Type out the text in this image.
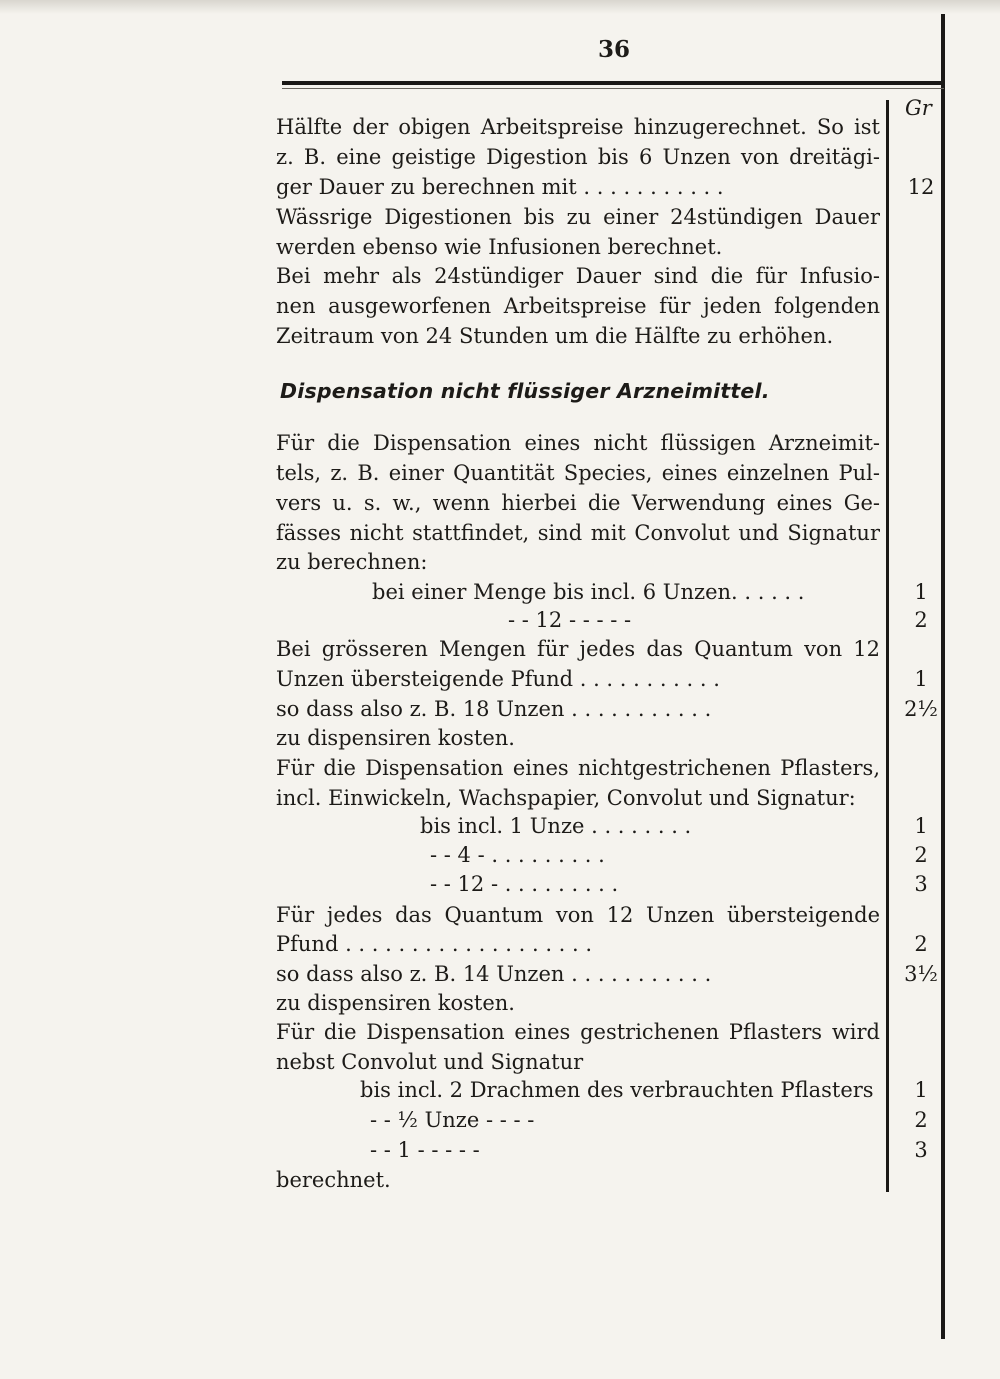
36
Gr
Hälfte der obigen Arbeitspreise hinzugerechnet. So ist
z. B. eine geistige Digestion bis 6 Unzen von dreitägi-
ger Dauer zu berechnen mit . . . . . . . . . . .
Wässrige Digestionen bis zu einer 24stündigen Dauer
werden ebenso wie Infusionen berechnet.
Bei mehr als 24stündiger Dauer sind die für Infusio-
nen ausgeworfenen Arbeitspreise für jeden folgenden
Zeitraum von 24 Stunden um die Hälfte zu erhöhen.
Dispensation nicht flüssiger Arzneimittel.
Für die Dispensation eines nicht flüssigen Arzneimit-
tels, z. B. einer Quantität Species, eines einzelnen Pul-
vers u. s. w., wenn hierbei die Verwendung eines Ge-
fässes nicht stattfindet, sind mit Convolut und Signatur
zu berechnen:
bei einer Menge bis incl. 6 Unzen. . . . . .
- - 12 - - - - -
Bei grösseren Mengen für jedes das Quantum von 12
Unzen übersteigende Pfund . . . . . . . . . . .
so dass also z. B. 18 Unzen . . . . . . . . . . .
zu dispensiren kosten.
Für die Dispensation eines nichtgestrichenen Pflasters,
incl. Einwickeln, Wachspapier, Convolut und Signatur:
bis incl. 1 Unze . . . . . . . .
- - 4 - . . . . . . . . .
- - 12 - . . . . . . . . .
Für jedes das Quantum von 12 Unzen übersteigende
Pfund . . . . . . . . . . . . . . . . . . .
so dass also z. B. 14 Unzen . . . . . . . . . . .
zu dispensiren kosten.
Für die Dispensation eines gestrichenen Pflasters wird
nebst Convolut und Signatur
bis incl. 2 Drachmen des verbrauchten Pflasters
- - ½ Unze - - - -
- - 1 - - - - -
berechnet.
12
1
2
1
2½
1
2
3
2
3½
1
2
3
